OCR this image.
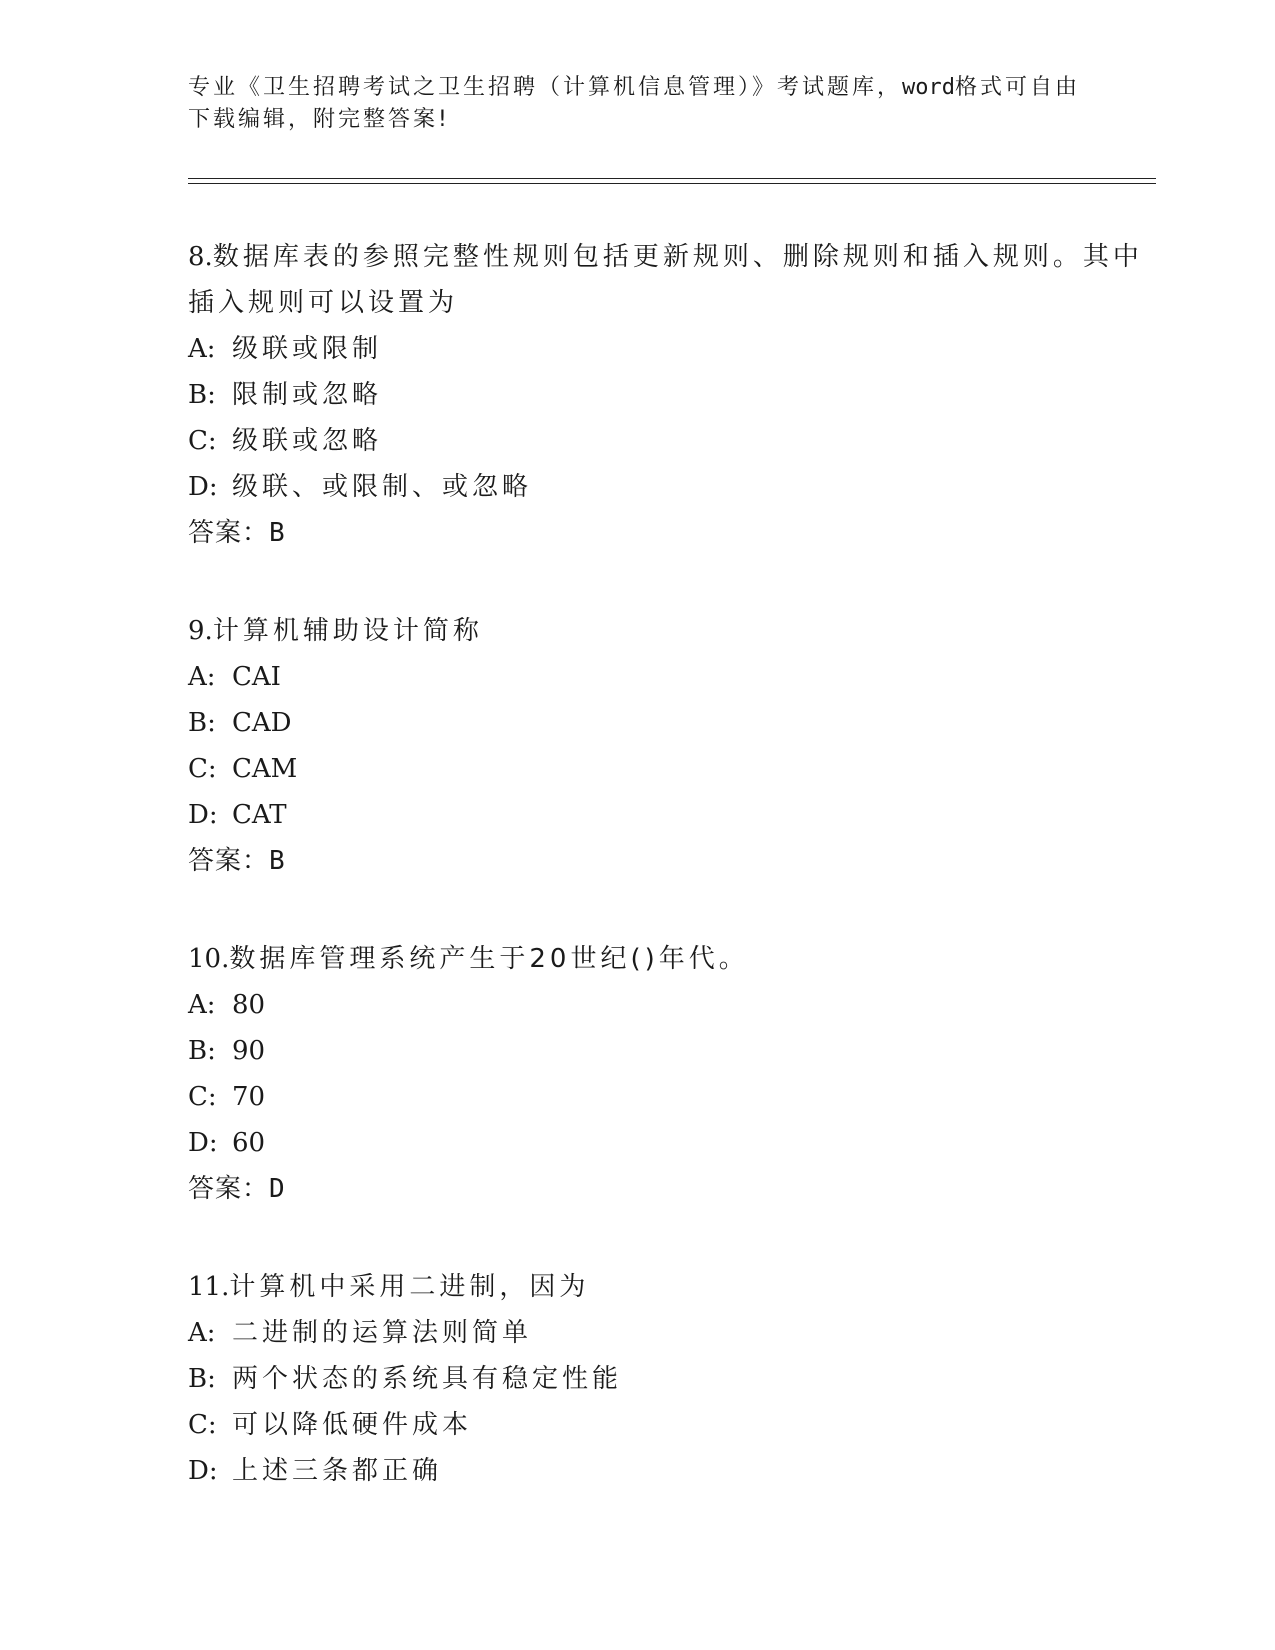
专业《卫生招聘考试之卫生招聘（计算机信息管理）》考试题库，word格式可自由下载编辑，附完整答案!
8.数据库表的参照完整性规则包括更新规则、删除规则和插入规则。其中插入规则可以设置为
A: 级联或限制
B: 限制或忽略
C: 级联或忽略
D: 级联、或限制、或忽略
答案：B
9.计算机辅助设计简称
A: CAI
B: CAD
C: CAM
D: CAT
答案：B
10.数据库管理系统产生于20世纪()年代。
A: 80
B: 90
C: 70
D: 60
答案：D
11.计算机中采用二进制，因为
A: 二进制的运算法则简单
B: 两个状态的系统具有稳定性能
C: 可以降低硬件成本
D: 上述三条都正确
